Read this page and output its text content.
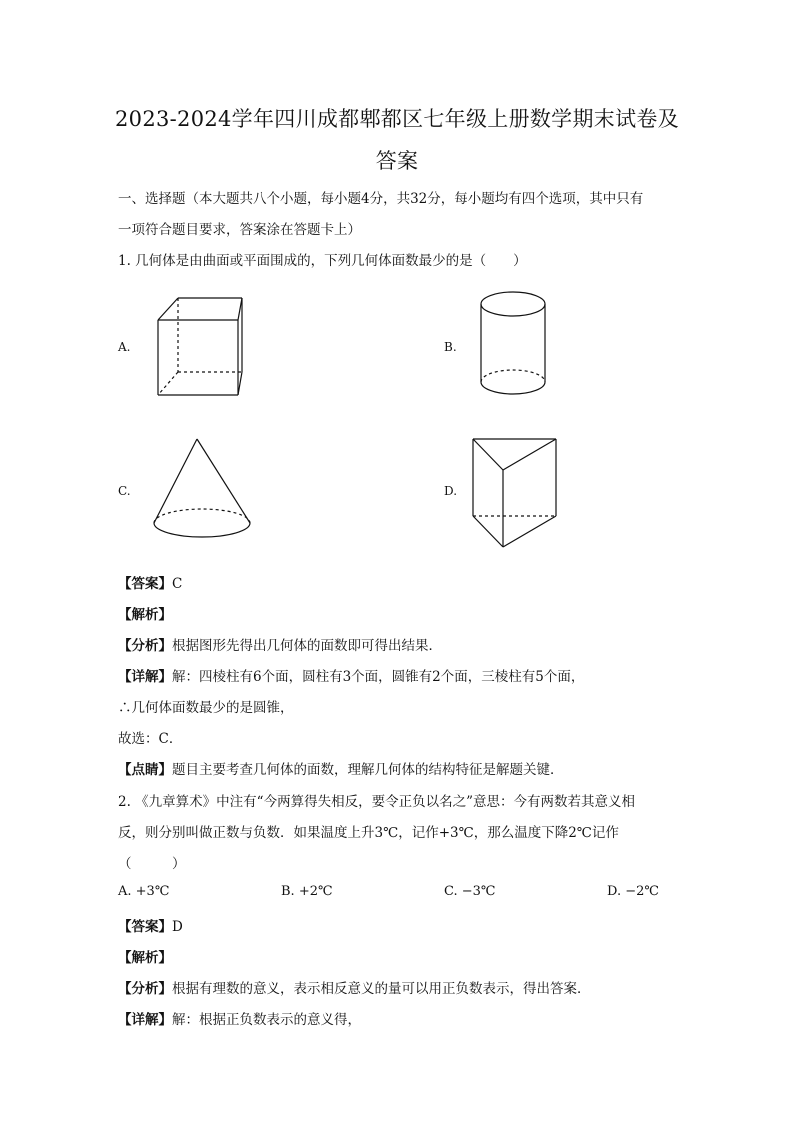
2023-2024学年四川成都郫都区七年级上册数学期末试卷及
答案
一、选择题（本大题共八个小题，每小题4分，共32分，每小题均有四个选项，其中只有
一项符合题目要求，答案涂在答题卡上）
1. 几何体是由曲面或平面围成的，下列几何体面数最少的是（　　）
A.	B.
C.	D.
【答案】C
【解析】
【分析】根据图形先得出几何体的面数即可得出结果．
【详解】解：四棱柱有6个面，圆柱有3个面，圆锥有2个面，三棱柱有5个面，
∴几何体面数最少的是圆锥，
故选：C．
【点睛】题目主要考查几何体的面数，理解几何体的结构特征是解题关键．
2. 《九章算术》中注有“今两算得失相反，要令正负以名之”意思：今有两数若其意义相
反，则分别叫做正数与负数．如果温度上升3℃，记作+3℃，那么温度下降2℃记作
（　　　）
A. +3℃	B. +2℃	C. −3℃	D. −2℃
【答案】D
【解析】
【分析】根据有理数的意义，表示相反意义的量可以用正负数表示，得出答案．
【详解】解：根据正负数表示的意义得，
